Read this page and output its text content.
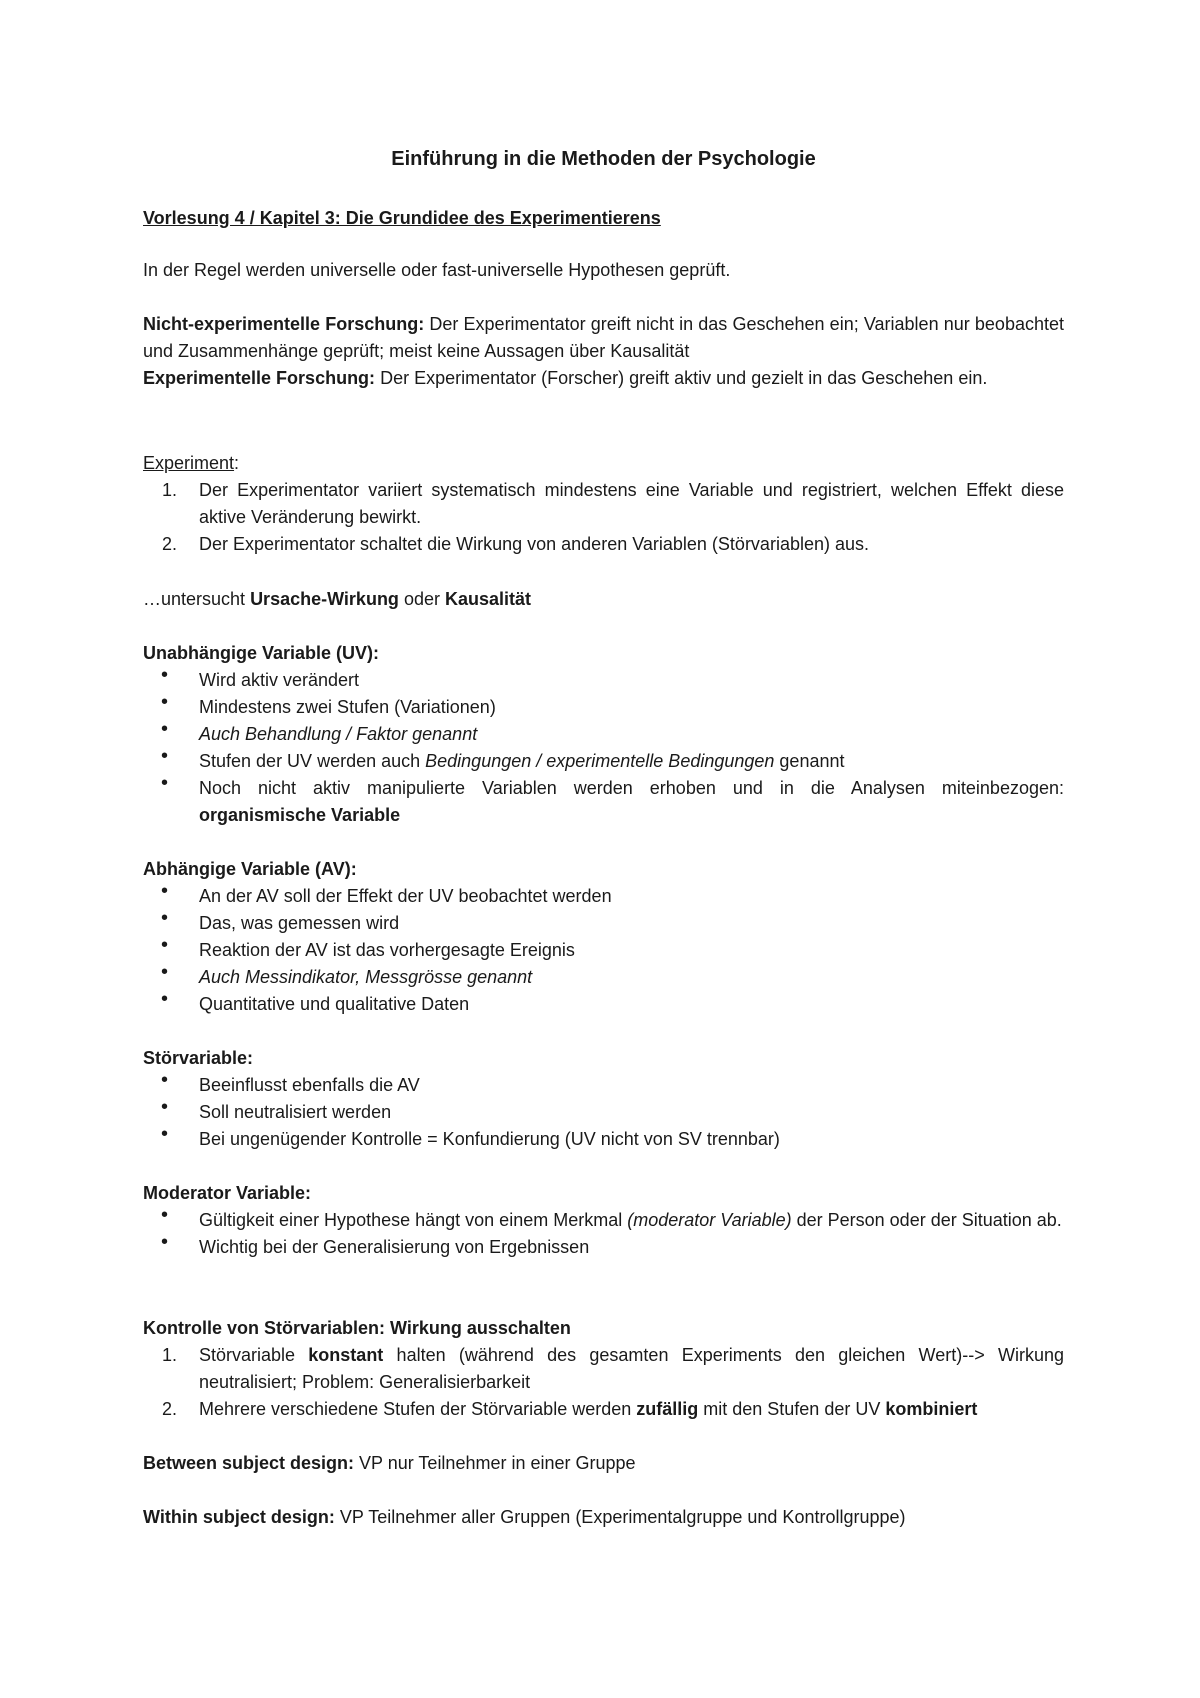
Einführung in die Methoden der Psychologie
Vorlesung 4 / Kapitel 3: Die Grundidee des Experimentierens

In der Regel werden universelle oder fast-universelle Hypothesen geprüft.

Nicht-experimentelle Forschung: Der Experimentator greift nicht in das Geschehen ein; Variablen nur beobachtet und Zusammenhänge geprüft; meist keine Aussagen über Kausalität
Experimentelle Forschung: Der Experimentator (Forscher) greift aktiv und gezielt in das Geschehen ein.

Experiment:

1. Der Experimentator variiert systematisch mindestens eine Variable und registriert, welchen Effekt diese aktive Veränderung bewirkt.
2. Der Experimentator schaltet die Wirkung von anderen Variablen (Störvariablen) aus.

…untersucht Ursache-Wirkung oder Kausalität

Unabhängige Variable (UV):

• Wird aktiv verändert
• Mindestens zwei Stufen (Variationen)
• Auch Behandlung / Faktor genannt
• Stufen der UV werden auch Bedingungen / experimentelle Bedingungen genannt
• Noch nicht aktiv manipulierte Variablen werden erhoben und in die Analysen miteinbezogen: organismische Variable

Abhängige Variable (AV):

• An der AV soll der Effekt der UV beobachtet werden
• Das, was gemessen wird
• Reaktion der AV ist das vorhergesagte Ereignis
• Auch Messindikator, Messgrösse genannt
• Quantitative und qualitative Daten

Störvariable:

• Beeinflusst ebenfalls die AV
• Soll neutralisiert werden
• Bei ungenügender Kontrolle = Konfundierung (UV nicht von SV trennbar)

Moderator Variable:

• Gültigkeit einer Hypothese hängt von einem Merkmal (moderator Variable) der Person oder der Situation ab.
• Wichtig bei der Generalisierung von Ergebnissen

Kontrolle von Störvariablen: Wirkung ausschalten

1. Störvariable konstant halten (während des gesamten Experiments den gleichen Wert)--> Wirkung neutralisiert; Problem: Generalisierbarkeit
2. Mehrere verschiedene Stufen der Störvariable werden zufällig mit den Stufen der UV kombiniert

Between subject design: VP nur Teilnehmer in einer Gruppe

Within subject design: VP Teilnehmer aller Gruppen (Experimentalgruppe und Kontrollgruppe)
